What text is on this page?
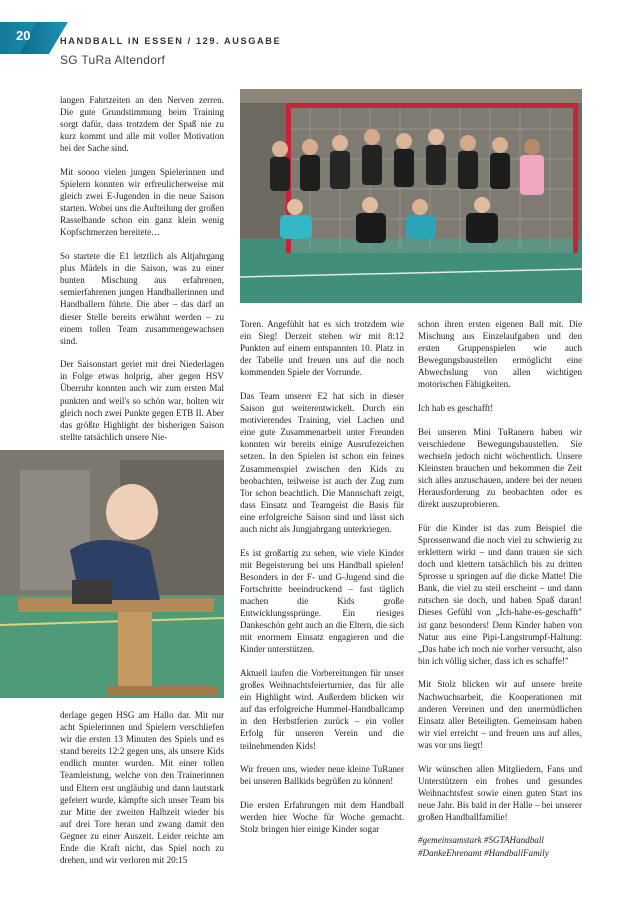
20	HANDBALL IN ESSEN / 129. AUSGABE
SG TuRa Altendorf

langen Fahrtzeiten an den Nerven zerren. Die gute Grundstimmung beim Training sorgt dafür, dass trotzdem der Spaß nie zu kurz kommt und alle mit voller Motivation bei der Sache sind.

Mit soooo vielen jungen Spielerinnen und Spielern konnten wir erfreulicherweise mit gleich zwei E-Jugenden in die neue Saison starten. Wobei uns die Aufteilung der großen Rasselbande schon ein ganz klein wenig Kopfschmerzen bereitete…

So startete die E1 letztlich als Altjahrgang plus Mädels in die Saison, was zu einer bunten Mischung aus erfahrenen, semierfahrenen jungen Handballerinnen und Handballern führte. Die aber – das darf an dieser Stelle bereits erwähnt werden – zu einem tollen Team zusammengewachsen sind.

Der Saisonstart geriet mit drei Niederlagen in Folge etwas holprig, aber gegen HSV Überruhr konnten auch wir zum ersten Mal punkten und weil's so schön war, holten wir gleich noch zwei Punkte gegen ETB II. Aber das größte Highlight der bisherigen Saison stellte tatsächlich unsere Nie-

derlage gegen HSG am Hallo dar. Mit nur acht Spielerinnen und Spielern verschliefen wir die ersten 13 Minuten des Spiels und es stand bereits 12:2 gegen uns, als unsere Kids endlich munter wurden. Mit einer tollen Teamleistung, welche von den Trainerinnen und Eltern erst ungläubig und dann lautstark gefeiert wurde, kämpfte sich unser Team bis zur Mitte der zweiten Halbzeit wieder bis auf drei Tore heran und zwang damit den Gegner zu einer Auszeit. Leider reichte am Ende die Kraft nicht, das Spiel noch zu drehen, und wir verloren mit 20:15

Toren. Angefühlt hat es sich trotzdem wie ein Sieg! Derzeit stehen wir mit 8:12 Punkten auf einem entspannten 10. Platz in der Tabelle und freuen uns auf die noch kommenden Spiele der Vorrunde.

Das Team unserer E2 hat sich in dieser Saison gut weiterentwickelt. Durch ein motivierendes Training, viel Lachen und eine gute Zusammenarbeit unter Freunden konnten wir bereits einige Ausrufezeichen setzen. In den Spielen ist schon ein feines Zusammenspiel zwischen den Kids zu beobachten, teilweise ist auch der Zug zum Tor schon beachtlich. Die Mannschaft zeigt, dass Einsatz und Teamgeist die Basis für eine erfolgreiche Saison sind und lässt sich auch nicht als Jungjahrgang unterkriegen.

Es ist großartig zu sehen, wie viele Kinder mit Begeisterung bei uns Handball spielen! Besonders in der F- und G-Jugend sind die Fortschritte beeindruckend – fast täglich machen die Kids große Entwicklungssprünge. Ein riesiges Dankeschön geht auch an die Eltern, die sich mit enormem Einsatz engagieren und die Kinder unterstützen.

Aktuell laufen die Vorbereitungen für unser großes Weihnachtsfeierturnier, das für alle ein Highlight wird. Außerdem blicken wir auf das erfolgreiche Hummel-Handballcamp in den Herbstferien zurück – ein voller Erfolg für unseren Verein und die teilnehmenden Kids!

Wir freuen uns, wieder neue kleine TuRaner bei unseren Ballkids begrüßen zu können!

Die ersten Erfahrungen mit dem Handball werden hier Woche für Woche gemacht. Stolz bringen hier einige Kinder sogar

schon ihren ersten eigenen Ball mit. Die Mischung aus Einzelaufgaben und den ersten Gruppenspielen wie auch Bewegungsbaustellen ermöglicht eine Abwechslung von allen wichtigen motorischen Fähigkeiten.

Ich hab es geschafft!

Bei unseren Mini TuRanern haben wir verschiedene Bewegungsbaustellen. Sie wechseln jedoch nicht wöchentlich. Unsere Kleinsten brauchen und bekommen die Zeit sich alles anzuschauen, andere bei der neuen Herausforderung zu beobachten oder es direkt auszuprobieren.

Für die Kinder ist das zum Beispiel die Sprossenwand die noch viel zu schwierig zu erklettern wirkt – und dann trauen sie sich doch und klettern tatsächlich bis zu dritten Sprosse u springen auf die dicke Matte! Die Bank, die viel zu steil erscheint – und dann rutschen sie doch, und haben Spaß daran! Dieses Gefühl von „Ich-habe-es-geschafft" ist ganz besonders! Denn Kinder haben von Natur aus eine Pipi-Langstrumpf-Haltung: „Das habe ich noch nie vorher versucht, also bin ich völlig sicher, dass ich es schaffe!"

Mit Stolz blicken wir auf unsere breite Nachwuchsarbeit, die Kooperationen mit anderen Vereinen und den unermüdlichen Einsatz aller Beteiligten. Gemeinsam haben wir viel erreicht – und freuen uns auf alles, was vor uns liegt!

Wir wünschen allen Mitgliedern, Fans und Unterstützern ein frohes und gesundes Weihnachtsfest sowie einen guten Start ins neue Jahr. Bis bald in der Halle – bei unserer großen Handballfamilie!

#gemeinsamstark #SGTAHandball
#DankeEhrenamt #HandballFamily
